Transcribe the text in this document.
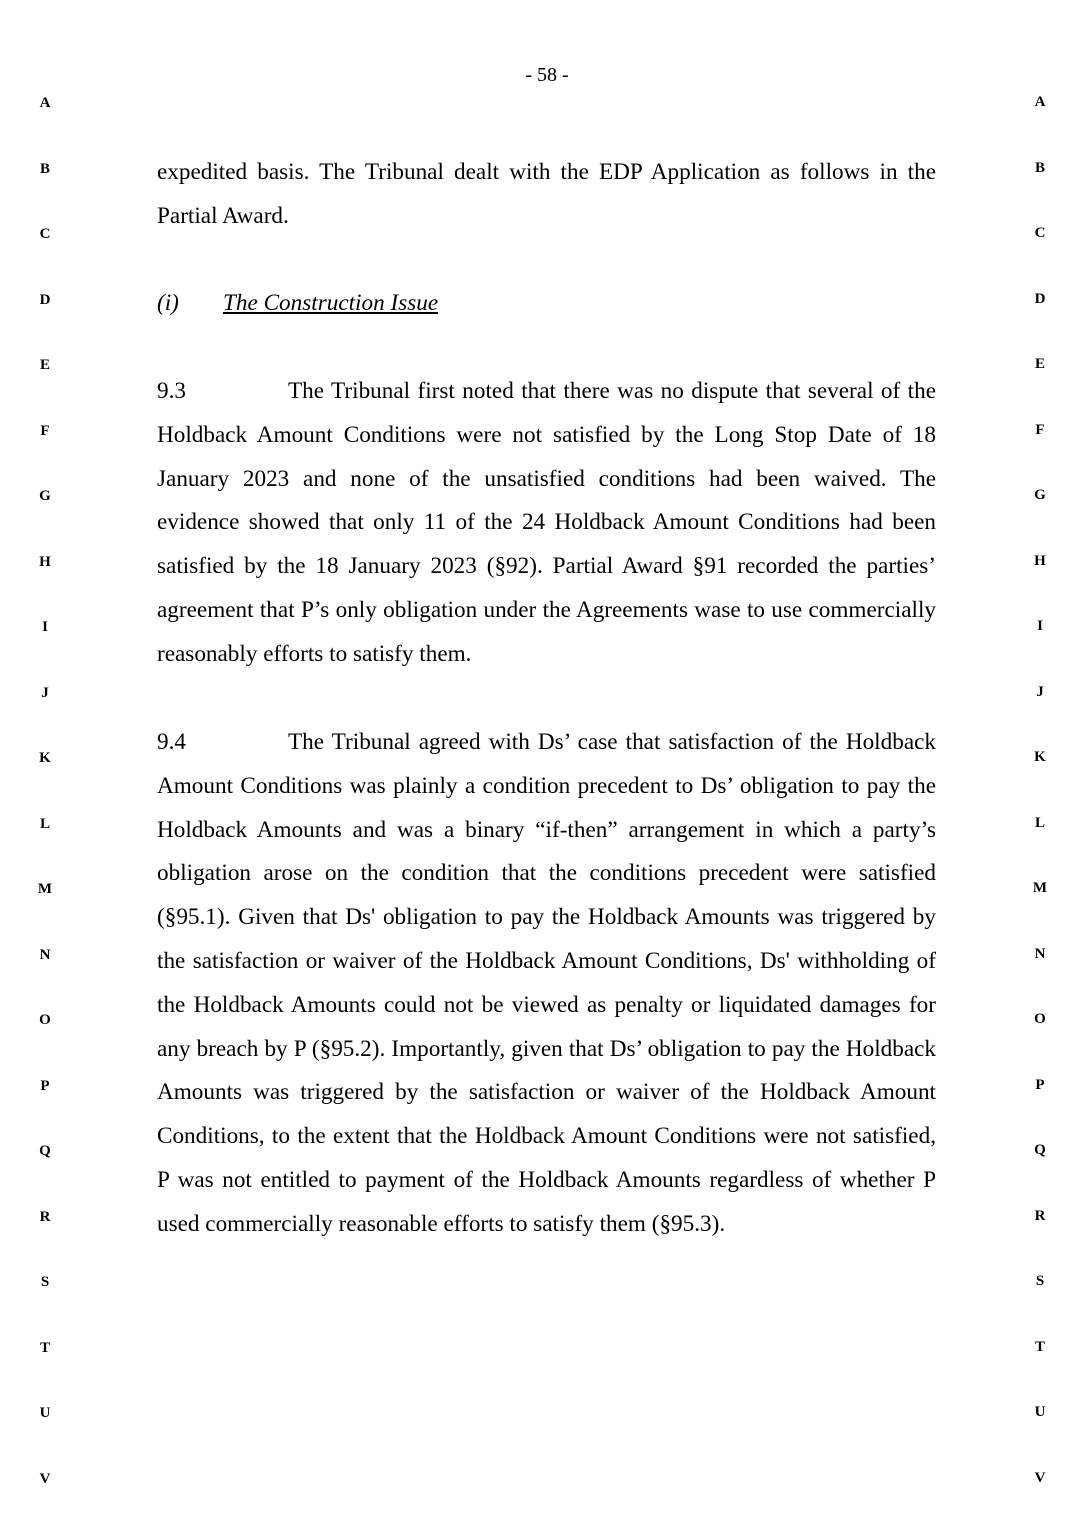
- 58 -
A
B
C
D
E
F
G
H
I
J
K
L
M
N
O
P
Q
R
S
T
U
V
A
B
C
D
E
F
G
H
I
J
K
L
M
N
O
P
Q
R
S
T
U
V

expedited basis. The Tribunal dealt with the EDP Application as follows in the Partial Award.

(i) The Construction Issue

9.3	The Tribunal first noted that there was no dispute that several of the Holdback Amount Conditions were not satisfied by the Long Stop Date of 18 January 2023 and none of the unsatisfied conditions had been waived. The evidence showed that only 11 of the 24 Holdback Amount Conditions had been satisfied by the 18 January 2023 (§92). Partial Award §91 recorded the parties’ agreement that P’s only obligation under the Agreements wase to use commercially reasonably efforts to satisfy them.

9.4	The Tribunal agreed with Ds’ case that satisfaction of the Holdback Amount Conditions was plainly a condition precedent to Ds’ obligation to pay the Holdback Amounts and was a binary “if-then” arrangement in which a party’s obligation arose on the condition that the conditions precedent were satisfied (§95.1). Given that Ds' obligation to pay the Holdback Amounts was triggered by the satisfaction or waiver of the Holdback Amount Conditions, Ds' withholding of the Holdback Amounts could not be viewed as penalty or liquidated damages for any breach by P (§95.2). Importantly, given that Ds’ obligation to pay the Holdback Amounts was triggered by the satisfaction or waiver of the Holdback Amount Conditions, to the extent that the Holdback Amount Conditions were not satisfied, P was not entitled to payment of the Holdback Amounts regardless of whether P used commercially reasonable efforts to satisfy them (§95.3).
